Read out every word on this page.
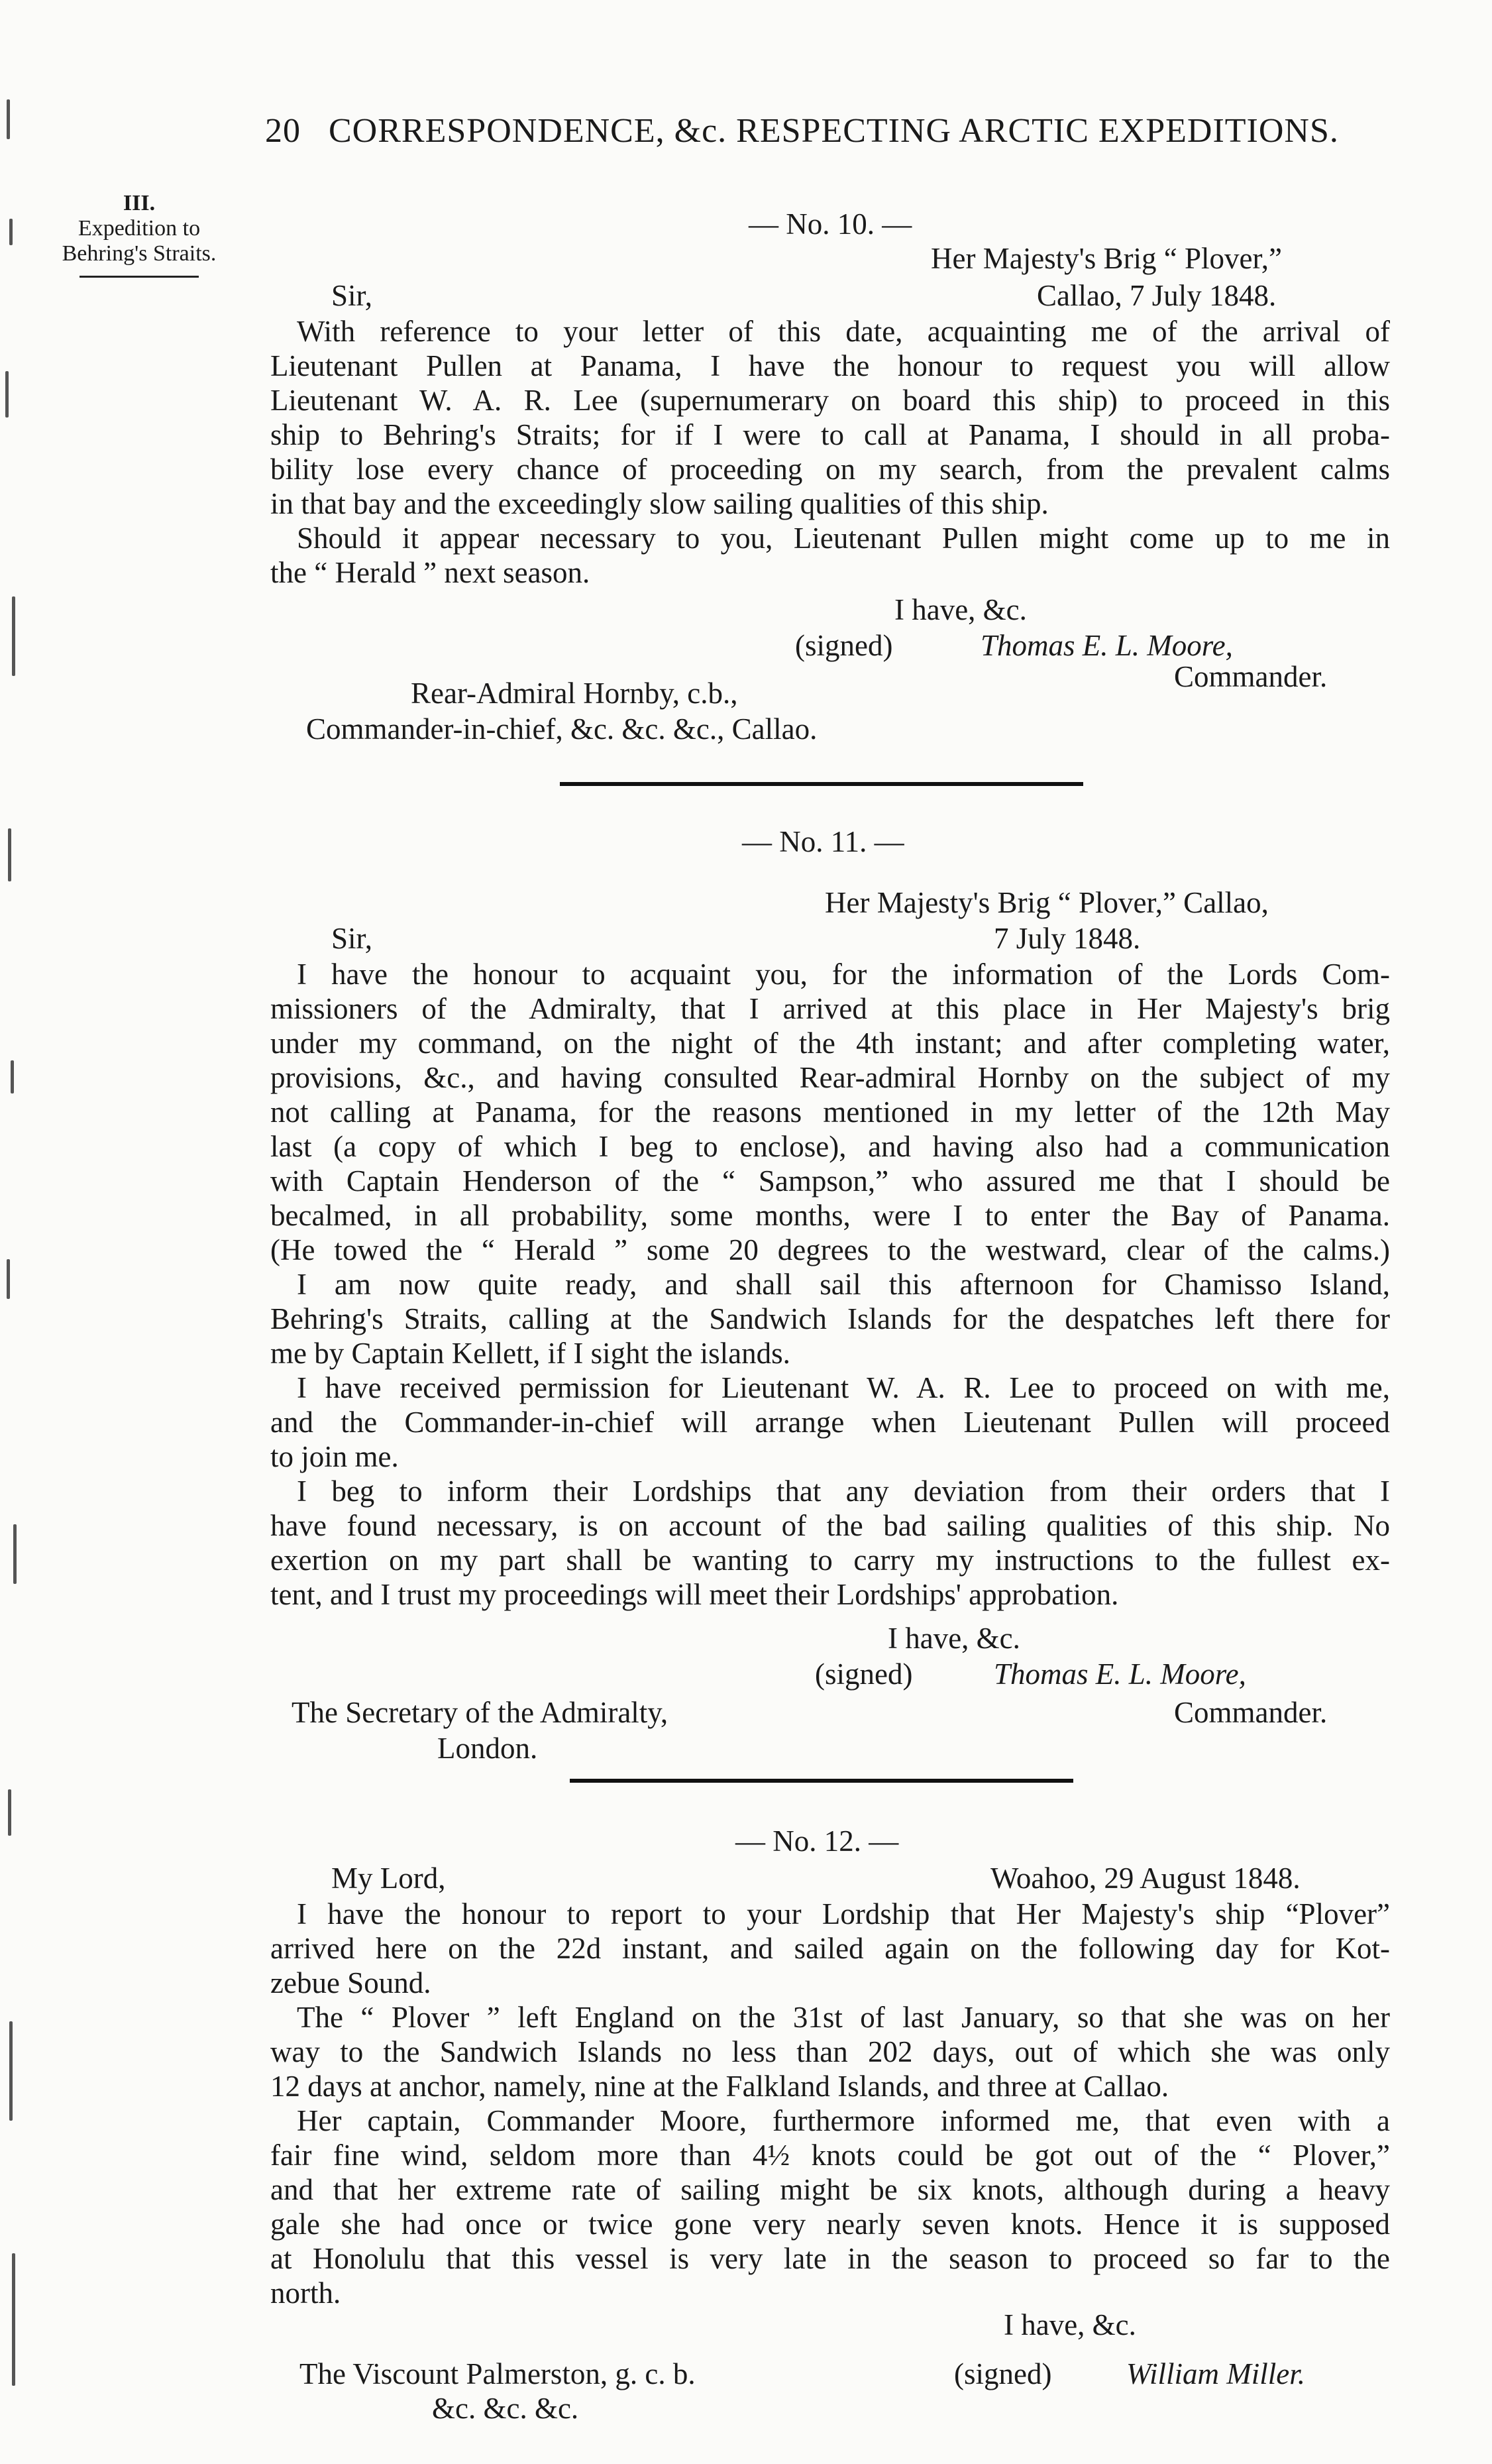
20 CORRESPONDENCE, &c. RESPECTING ARCTIC EXPEDITIONS.
III.
Expedition to
Behring's Straits.
— No. 10. —
Her Majesty's Brig “ Plover,”
Sir,	Callao, 7 July 1848.
With reference to your letter of this date, acquainting me of the arrival of
Lieutenant Pullen at Panama, I have the honour to request you will allow
Lieutenant W. A. R. Lee (supernumerary on board this ship) to proceed in this
ship to Behring's Straits; for if I were to call at Panama, I should in all proba-
bility lose every chance of proceeding on my search, from the prevalent calms
in that bay and the exceedingly slow sailing qualities of this ship.
Should it appear necessary to you, Lieutenant Pullen might come up to me in
the “ Herald ” next season.
I have, &c.
(signed)	Thomas E. L. Moore,
Commander.
Rear-Admiral Hornby, c.b.,
Commander-in-chief, &c. &c. &c., Callao.
— No. 11. —
Her Majesty's Brig “ Plover,” Callao,
Sir,	7 July 1848.
I have the honour to acquaint you, for the information of the Lords Com-
missioners of the Admiralty, that I arrived at this place in Her Majesty's brig
under my command, on the night of the 4th instant; and after completing water,
provisions, &c., and having consulted Rear-admiral Hornby on the subject of my
not calling at Panama, for the reasons mentioned in my letter of the 12th May
last (a copy of which I beg to enclose), and having also had a communication
with Captain Henderson of the “ Sampson,” who assured me that I should be
becalmed, in all probability, some months, were I to enter the Bay of Panama.
(He towed the “ Herald ” some 20 degrees to the westward, clear of the calms.)
I am now quite ready, and shall sail this afternoon for Chamisso Island,
Behring's Straits, calling at the Sandwich Islands for the despatches left there for
me by Captain Kellett, if I sight the islands.
I have received permission for Lieutenant W. A. R. Lee to proceed on with me,
and the Commander-in-chief will arrange when Lieutenant Pullen will proceed
to join me.
I beg to inform their Lordships that any deviation from their orders that I
have found necessary, is on account of the bad sailing qualities of this ship. No
exertion on my part shall be wanting to carry my instructions to the fullest ex-
tent, and I trust my proceedings will meet their Lordships' approbation.
I have, &c.
(signed)	Thomas E. L. Moore,
The Secretary of the Admiralty,	Commander.
London.
— No. 12. —
My Lord,	Woahoo, 29 August 1848.
I have the honour to report to your Lordship that Her Majesty's ship “Plover”
arrived here on the 22d instant, and sailed again on the following day for Kot-
zebue Sound.
The “ Plover ” left England on the 31st of last January, so that she was on her
way to the Sandwich Islands no less than 202 days, out of which she was only
12 days at anchor, namely, nine at the Falkland Islands, and three at Callao.
Her captain, Commander Moore, furthermore informed me, that even with a
fair fine wind, seldom more than 4½ knots could be got out of the “ Plover,”
and that her extreme rate of sailing might be six knots, although during a heavy
gale she had once or twice gone very nearly seven knots. Hence it is supposed
at Honolulu that this vessel is very late in the season to proceed so far to the
north.
I have, &c.
The Viscount Palmerston, g. c. b.	(signed)	William Miller.
&c. &c. &c.
